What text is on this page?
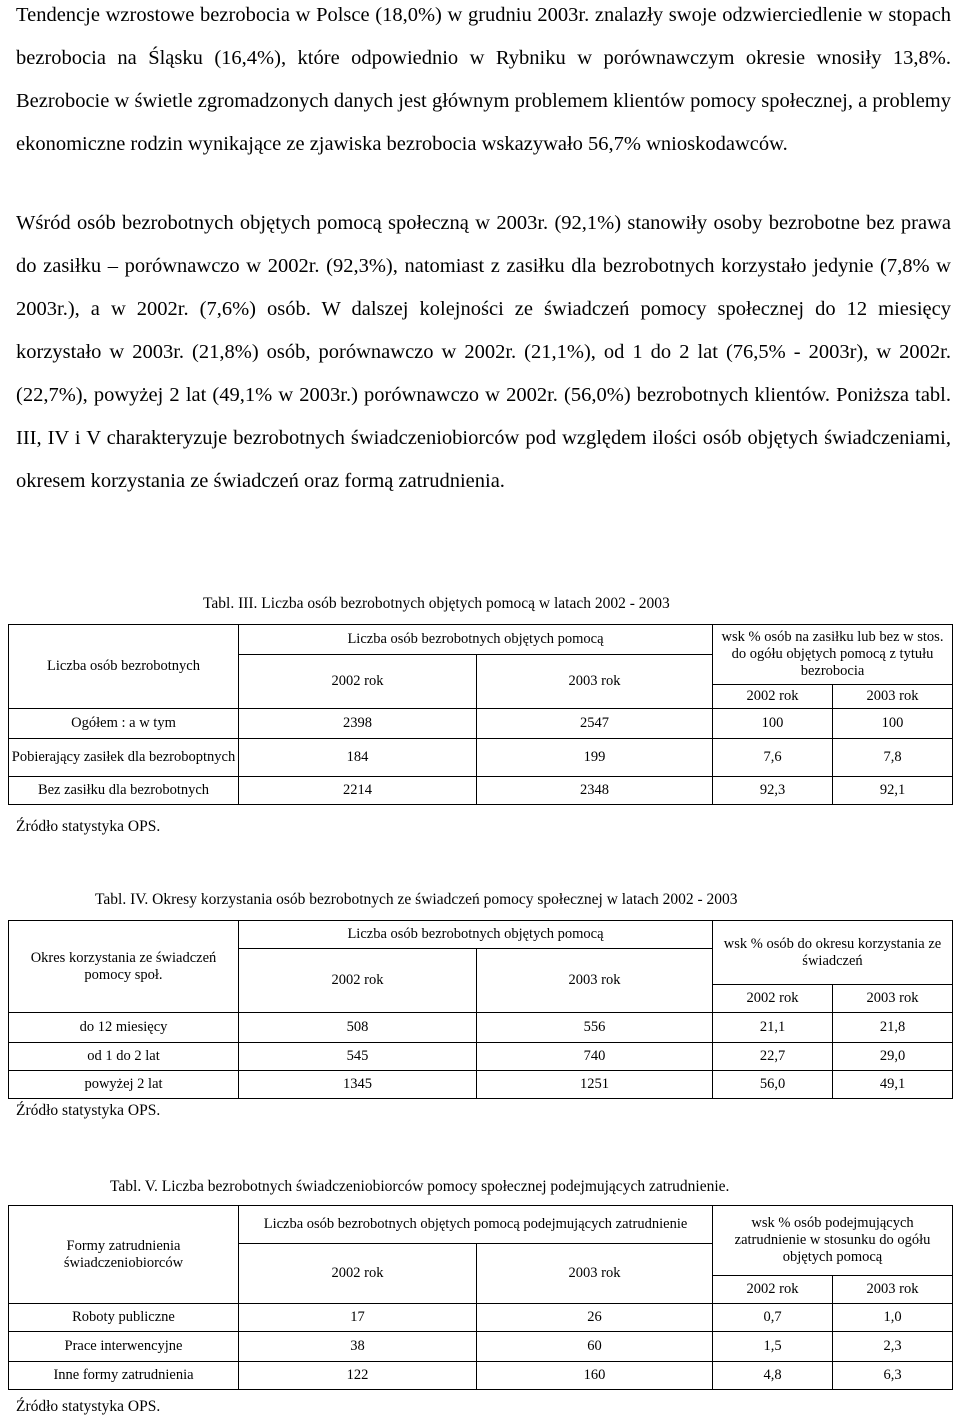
Tendencje wzrostowe bezrobocia w Polsce (18,0%) w grudniu 2003r. znalazły swoje odzwierciedlenie w stopach bezrobocia na Śląsku (16,4%), które odpowiednio w Rybniku w porównawczym okresie wnosiły 13,8%. Bezrobocie w świetle zgromadzonych danych jest głównym problemem klientów pomocy społecznej, a problemy ekonomiczne rodzin wynikające ze zjawiska bezrobocia wskazywało 56,7% wnioskodawców.

Wśród osób bezrobotnych objętych pomocą społeczną w 2003r. (92,1%) stanowiły osoby bezrobotne bez prawa do zasiłku – porównawczo w 2002r. (92,3%), natomiast z zasiłku dla bezrobotnych korzystało jedynie (7,8% w 2003r.), a w 2002r. (7,6%) osób. W dalszej kolejności ze świadczeń pomocy społecznej do 12 miesięcy korzystało w 2003r. (21,8%) osób, porównawczo w 2002r. (21,1%), od 1 do 2 lat (76,5% - 2003r), w 2002r. (22,7%), powyżej 2 lat (49,1% w 2003r.) porównawczo w 2002r. (56,0%) bezrobotnych klientów. Poniższa tabl. III, IV i V charakteryzuje bezrobotnych świadczeniobiorców pod względem ilości osób objętych świadczeniami, okresem korzystania ze świadczeń oraz formą zatrudnienia.

Tabl. III. Liczba osób bezrobotnych objętych pomocą w latach 2002 - 2003
Liczba osób bezrobotnych	Liczba osób bezrobotnych objętych pomocą		wsk % osób na zasiłku lub bez w stos. do ogółu objętych pomocą z tytułu bezrobocia	
	2002 rok	2003 rok		
			2002 rok	2003 rok
Ogółem : a w tym	2398	2547	100	100
Pobierający zasiłek dla bezroboptnych	184	199	7,6	7,8
Bez zasiłku dla bezrobotnych	2214	2348	92,3	92,1
Źródło statystyka OPS.
Tabl. IV. Okresy korzystania osób bezrobotnych ze świadczeń pomocy społecznej w latach 2002 - 2003
Okres korzystania ze świadczeń pomocy społ.	Liczba osób bezrobotnych objętych pomocą		wsk % osób do okresu korzystania ze świadczeń	
	2002 rok	2003 rok		
			2002 rok	2003 rok
do 12 miesięcy	508	556	21,1	21,8
od 1 do 2 lat	545	740	22,7	29,0
powyżej 2 lat	1345	1251	56,0	49,1
Źródło statystyka OPS.
Tabl. V. Liczba bezrobotnych świadczeniobiorców pomocy społecznej podejmujących zatrudnienie.
Formy zatrudnienia świadczeniobiorców	Liczba osób bezrobotnych objętych pomocą podejmujących zatrudnienie		wsk % osób podejmujących zatrudnienie w stosunku do ogółu objętych pomocą	
	2002 rok	2003 rok		
			2002 rok	2003 rok
Roboty publiczne	17	26	0,7	1,0
Prace interwencyjne	38	60	1,5	2,3
Inne formy zatrudnienia	122	160	4,8	6,3
Źródło statystyka OPS.
